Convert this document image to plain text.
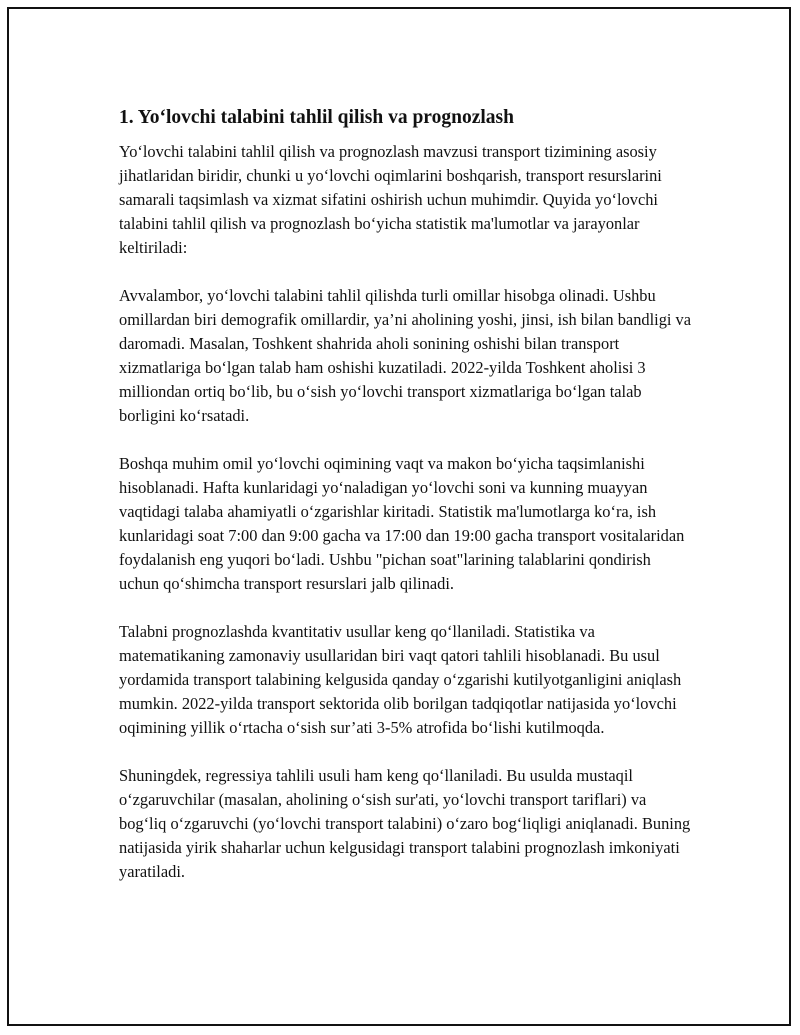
1. Yo‘lovchi talabini tahlil qilish va prognozlash

Yo‘lovchi talabini tahlil qilish va prognozlash mavzusi transport tizimining asosiy jihatlaridan biridir, chunki u yo‘lovchi oqimlarini boshqarish, transport resurslarini samarali taqsimlash va xizmat sifatini oshirish uchun muhimdir. Quyida yo‘lovchi talabini tahlil qilish va prognozlash bo‘yicha statistik ma'lumotlar va jarayonlar keltiriladi:

Avvalambor, yo‘lovchi talabini tahlil qilishda turli omillar hisobga olinadi. Ushbu omillardan biri demografik omillardir, ya’ni aholining yoshi, jinsi, ish bilan bandligi va daromadi. Masalan, Toshkent shahrida aholi sonining oshishi bilan transport xizmatlariga bo‘lgan talab ham oshishi kuzatiladi. 2022-yilda Toshkent aholisi 3 milliondan ortiq bo‘lib, bu o‘sish yo‘lovchi transport xizmatlariga bo‘lgan talab borligini ko‘rsatadi.

Boshqa muhim omil yo‘lovchi oqimining vaqt va makon bo‘yicha taqsimlanishi hisoblanadi. Hafta kunlaridagi yo‘naladigan yo‘lovchi soni va kunning muayyan vaqtidagi talaba ahamiyatli o‘zgarishlar kiritadi. Statistik ma'lumotlarga ko‘ra, ish kunlaridagi soat 7:00 dan 9:00 gacha va 17:00 dan 19:00 gacha transport vositalaridan foydalanish eng yuqori bo‘ladi. Ushbu "pichan soat"larining talablarini qondirish uchun qo‘shimcha transport resurslari jalb qilinadi.

Talabni prognozlashda kvantitativ usullar keng qo‘llaniladi. Statistika va matematikaning zamonaviy usullaridan biri vaqt qatori tahlili hisoblanadi. Bu usul yordamida transport talabining kelgusida qanday o‘zgarishi kutilyotganligini aniqlash mumkin. 2022-yilda transport sektorida olib borilgan tadqiqotlar natijasida yo‘lovchi oqimining yillik o‘rtacha o‘sish sur’ati 3-5% atrofida bo‘lishi kutilmoqda.

Shuningdek, regressiya tahlili usuli ham keng qo‘llaniladi. Bu usulda mustaqil o‘zgaruvchilar (masalan, aholining o‘sish sur'ati, yo‘lovchi transport tariflari) va bog‘liq o‘zgaruvchi (yo‘lovchi transport talabini) o‘zaro bog‘liqligi aniqlanadi. Buning natijasida yirik shaharlar uchun kelgusidagi transport talabini prognozlash imkoniyati yaratiladi.
